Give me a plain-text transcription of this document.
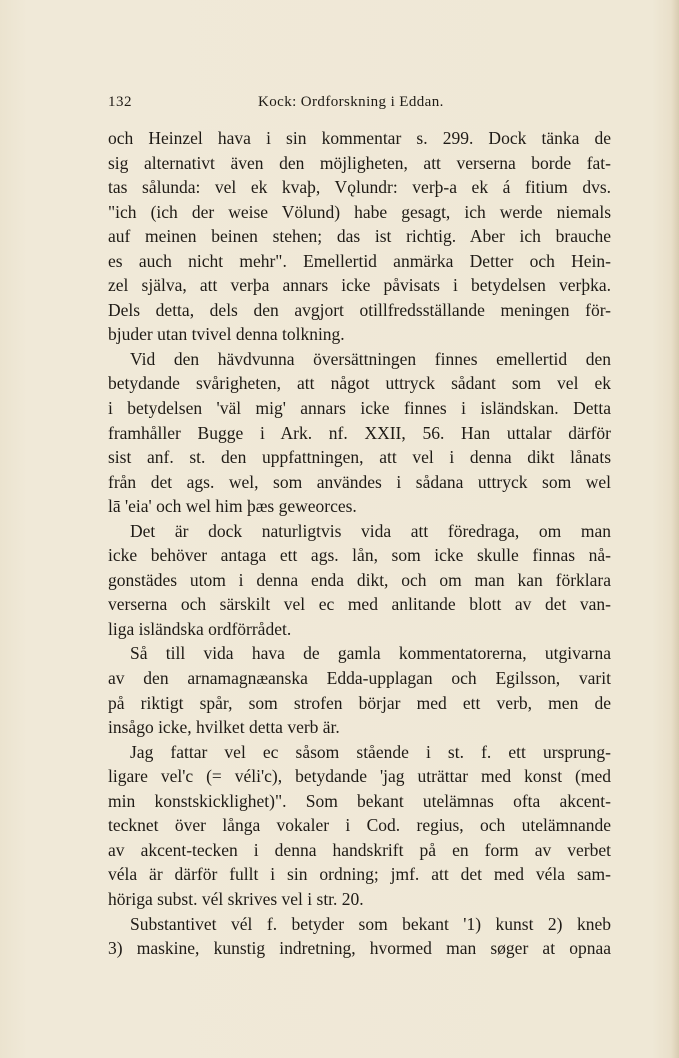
132	Kock: Ordforskning i Eddan.
och Heinzel hava i sin kommentar s. 299. Dock tänka de
sig alternativt även den möjligheten, att verserna borde fat-
tas sålunda: vel ek kvaþ, Vǫlundr: verþ-a ek á fitium dvs.
"ich (ich der weise Völund) habe gesagt, ich werde niemals
auf meinen beinen stehen; das ist richtig. Aber ich brauche
es auch nicht mehr". Emellertid anmärka Detter och Hein-
zel själva, att verþa annars icke påvisats i betydelsen verþka.
Dels detta, dels den avgjort otillfredsställande meningen för-
bjuder utan tvivel denna tolkning.
Vid den hävdvunna översättningen finnes emellertid den
betydande svårigheten, att något uttryck sådant som vel ek
i betydelsen 'väl mig' annars icke finnes i isländskan. Detta
framhåller Bugge i Ark. nf. XXII, 56. Han uttalar därför
sist anf. st. den uppfattningen, att vel i denna dikt lånats
från det ags. wel, som användes i sådana uttryck som wel
lā 'eia' och wel him þæs geweorces.
Det är dock naturligtvis vida att föredraga, om man
icke behöver antaga ett ags. lån, som icke skulle finnas nå-
gonstädes utom i denna enda dikt, och om man kan förklara
verserna och särskilt vel ec med anlitande blott av det van-
liga isländska ordförrådet.
Så till vida hava de gamla kommentatorerna, utgivarna
av den arnamagnæanska Edda-upplagan och Egilsson, varit
på riktigt spår, som strofen börjar med ett verb, men de
insågo icke, hvilket detta verb är.
Jag fattar vel ec såsom stående i st. f. ett ursprung-
ligare vel'c (= véli'c), betydande 'jag uträttar med konst (med
min konstskicklighet)". Som bekant utelämnas ofta akcent-
tecknet över långa vokaler i Cod. regius, och utelämnande
av akcent-tecken i denna handskrift på en form av verbet
véla är därför fullt i sin ordning; jmf. att det med véla sam-
höriga subst. vél skrives vel i str. 20.
Substantivet vél f. betyder som bekant '1) kunst 2) kneb
3) maskine, kunstig indretning, hvormed man søger at opnaa
